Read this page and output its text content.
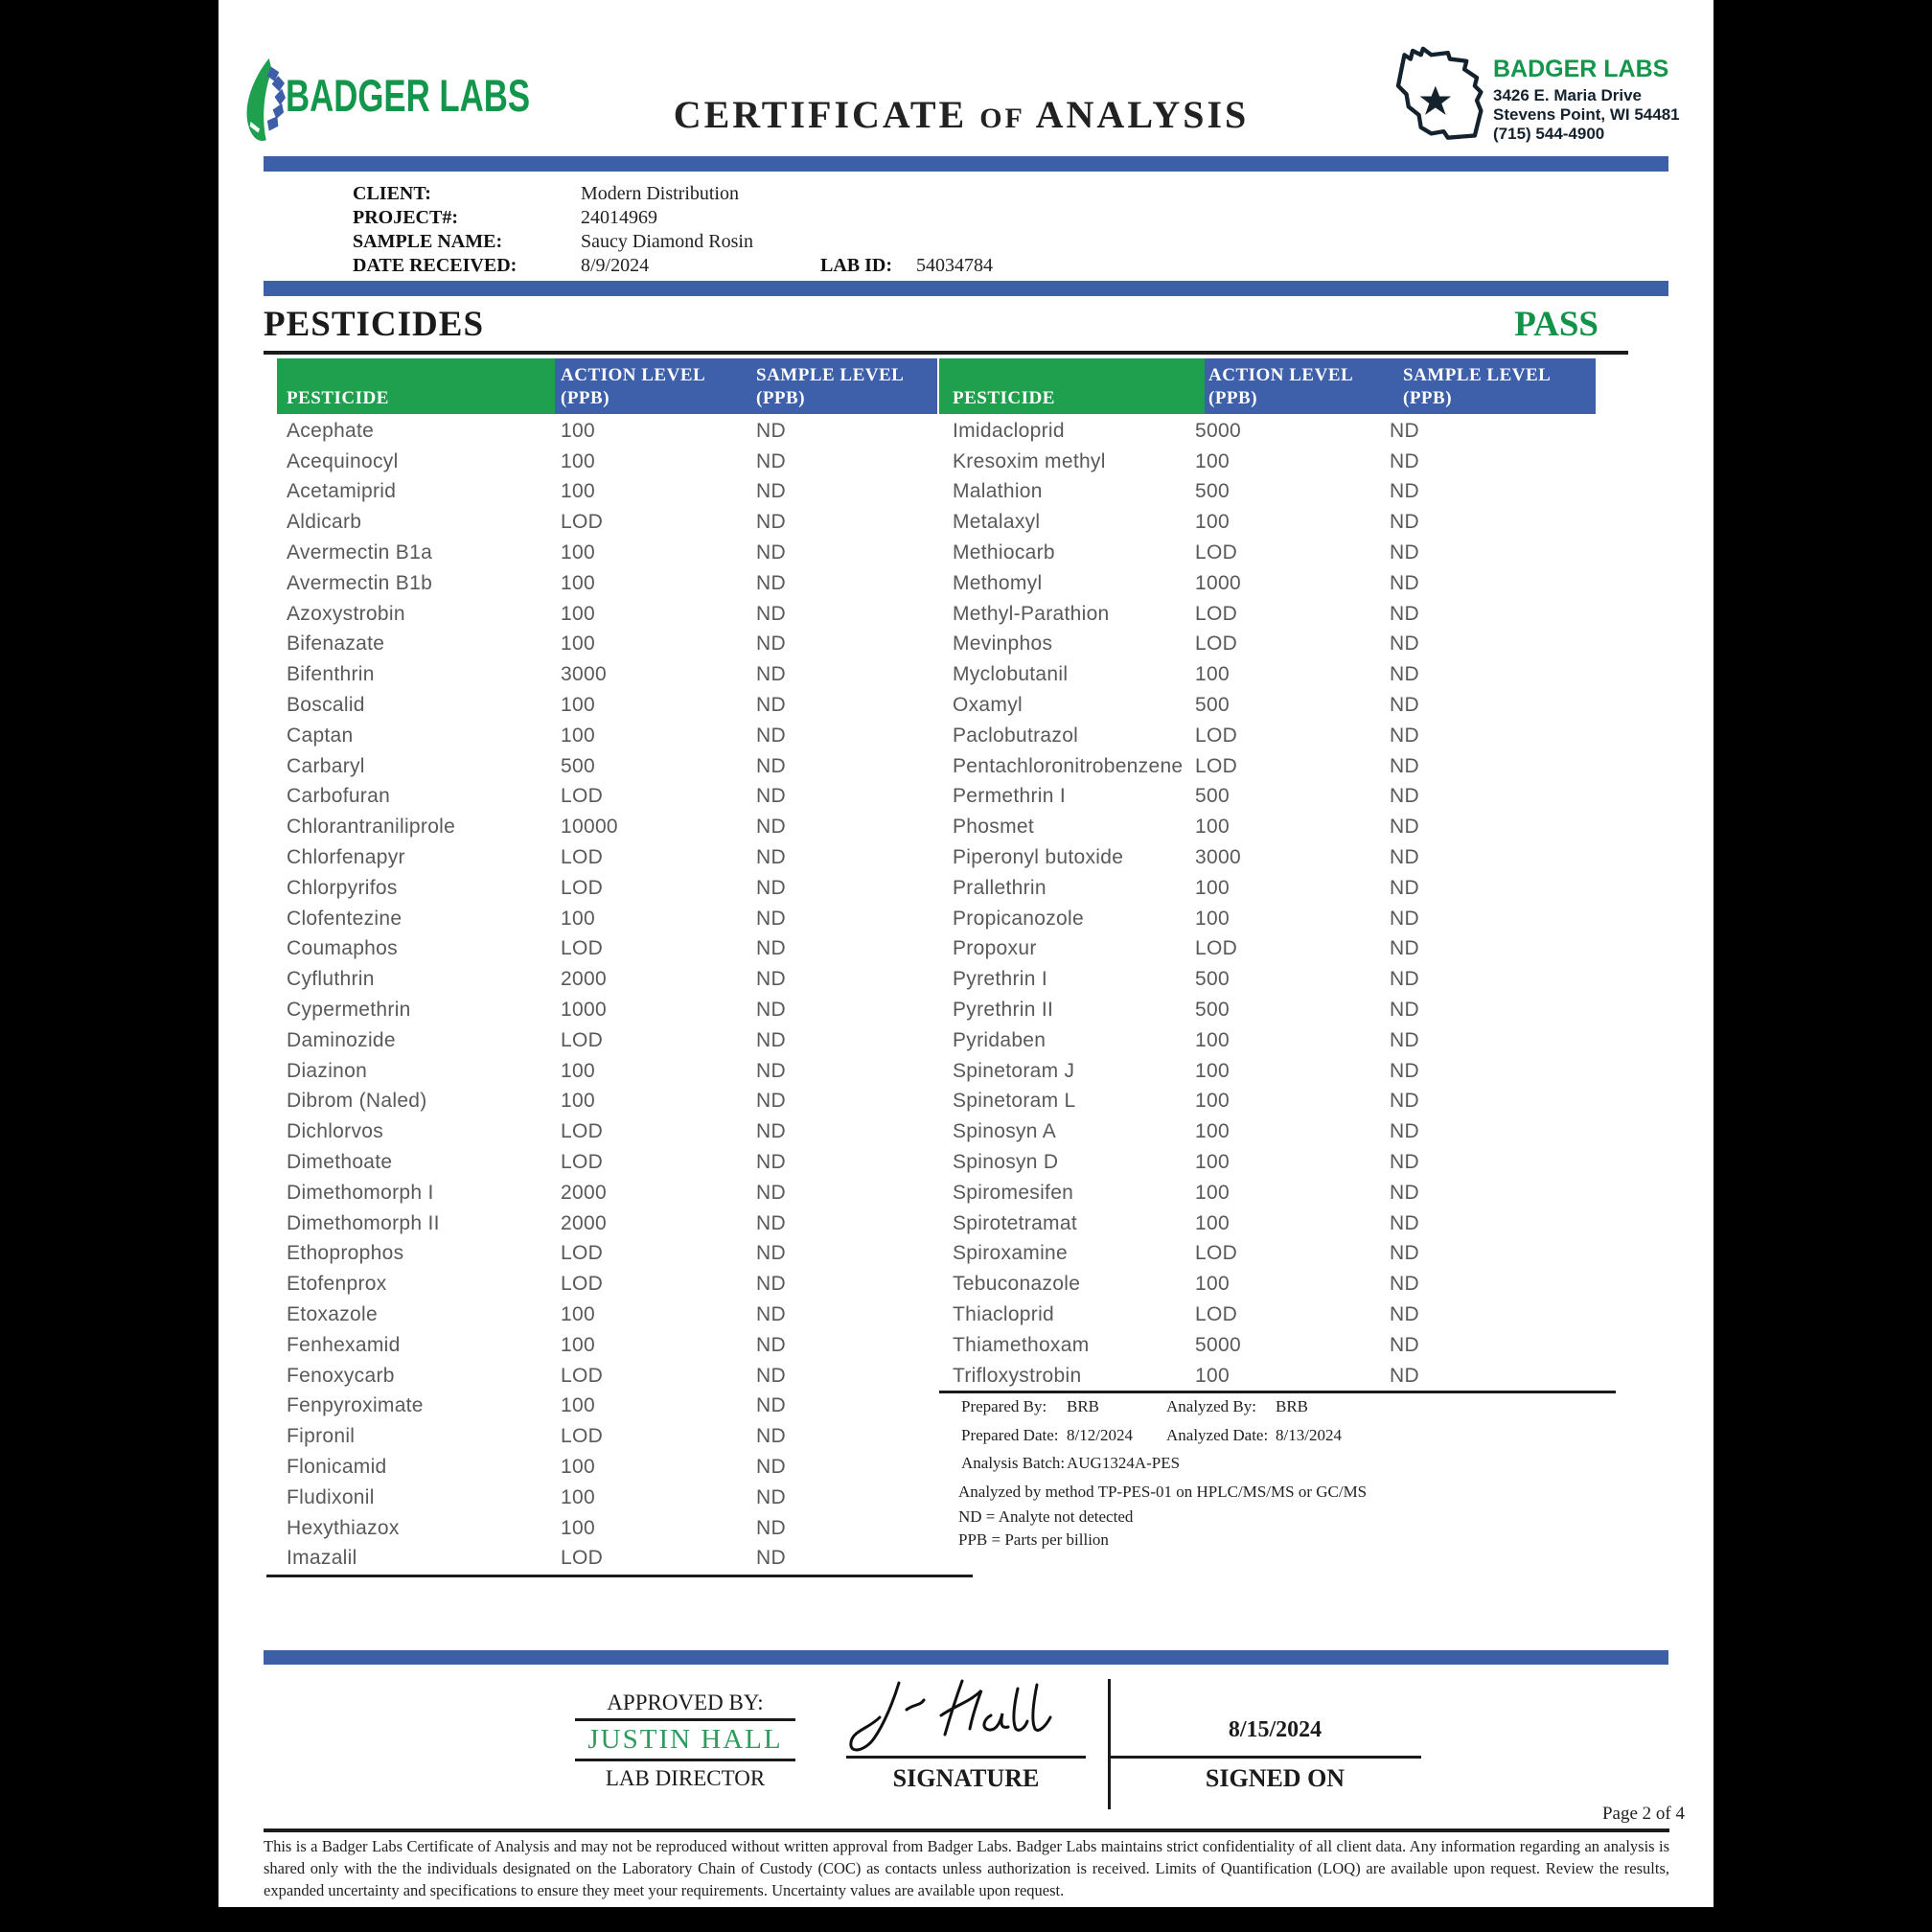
BADGER LABS	CERTIFICATE OF ANALYSIS
BADGER LABS
3426 E. Maria Drive
Stevens Point, WI 54481
(715) 544-4900
CLIENT:	Modern Distribution
PROJECT#:	24014969
SAMPLE NAME:	Saucy Diamond Rosin
DATE RECEIVED:	8/9/2024	LAB ID: 54034784
PESTICIDES	PASS
PESTICIDE
ACTION LEVEL
(PPB)
SAMPLE LEVEL
(PPB)	PESTICIDE
ACTION LEVEL
(PPB)
SAMPLE LEVEL
(PPB)
Acephate	100	ND
Acequinocyl	100	ND
Acetamiprid	100	ND
Aldicarb	LOD	ND
Avermectin B1a	100	ND
Avermectin B1b	100	ND
Azoxystrobin	100	ND
Bifenazate	100	ND
Bifenthrin	3000	ND
Boscalid	100	ND
Captan	100	ND
Carbaryl	500	ND
Carbofuran	LOD	ND
Chlorantraniliprole	10000	ND
Chlorfenapyr	LOD	ND
Chlorpyrifos	LOD	ND
Clofentezine	100	ND
Coumaphos	LOD	ND
Cyfluthrin	2000	ND
Cypermethrin	1000	ND
Daminozide	LOD	ND
Diazinon	100	ND
Dibrom (Naled)	100	ND
Dichlorvos	LOD	ND
Dimethoate	LOD	ND
Dimethomorph I	2000	ND
Dimethomorph II	2000	ND
Ethoprophos	LOD	ND
Etofenprox	LOD	ND
Etoxazole	100	ND
Fenhexamid	100	ND
Fenoxycarb	LOD	ND
Fenpyroximate	100	ND
Fipronil	LOD	ND
Flonicamid	100	ND
Fludixonil	100	ND
Hexythiazox	100	ND
Imazalil	LOD	ND
Imidacloprid	5000	ND
Kresoxim methyl	100	ND
Malathion	500	ND
Metalaxyl	100	ND
Methiocarb	LOD	ND
Methomyl	1000	ND
Methyl-Parathion	LOD	ND
Mevinphos	LOD	ND
Myclobutanil	100	ND
Oxamyl	500	ND
Paclobutrazol	LOD	ND
Pentachloronitrobenzene LOD	ND
Permethrin I	500	ND
Phosmet	100	ND
Piperonyl butoxide	3000	ND
Prallethrin	100	ND
Propicanozole	100	ND
Propoxur	LOD	ND
Pyrethrin I	500	ND
Pyrethrin II	500	ND
Pyridaben	100	ND
Spinetoram J	100	ND
Spinetoram L	100	ND
Spinosyn A	100	ND
Spinosyn D	100	ND
Spiromesifen	100	ND
Spirotetramat	100	ND
Spiroxamine	LOD	ND
Tebuconazole	100	ND
Thiacloprid	LOD	ND
Thiamethoxam	5000	ND
Trifloxystrobin	100	ND
Prepared By: BRB	Analyzed By: BRB
Prepared Date: 8/12/2024 Analyzed Date: 8/13/2024
Analysis Batch: AUG1324A-PES
Analyzed by method TP-PES-01 on HPLC/MS/MS or GC/MS
ND = Analyte not detected
PPB = Parts per billion
APPROVED BY:
JUSTIN HALL
LAB DIRECTOR	SIGNATURE
8/15/2024
SIGNED ON
Page 2 of 4
This is a Badger Labs Certificate of Analysis and may not be reproduced without written approval from Badger Labs. Badger Labs maintains strict confidentiality of all client data. Any information regarding an analysis is shared only with the the individuals designated on the Laboratory Chain of Custody (COC) as contacts unless authorization is received. Limits of Quantification (LOQ) are available upon request. Review the results, expanded uncertainty and specifications to ensure they meet your requirements. Uncertainty values are available upon request.
